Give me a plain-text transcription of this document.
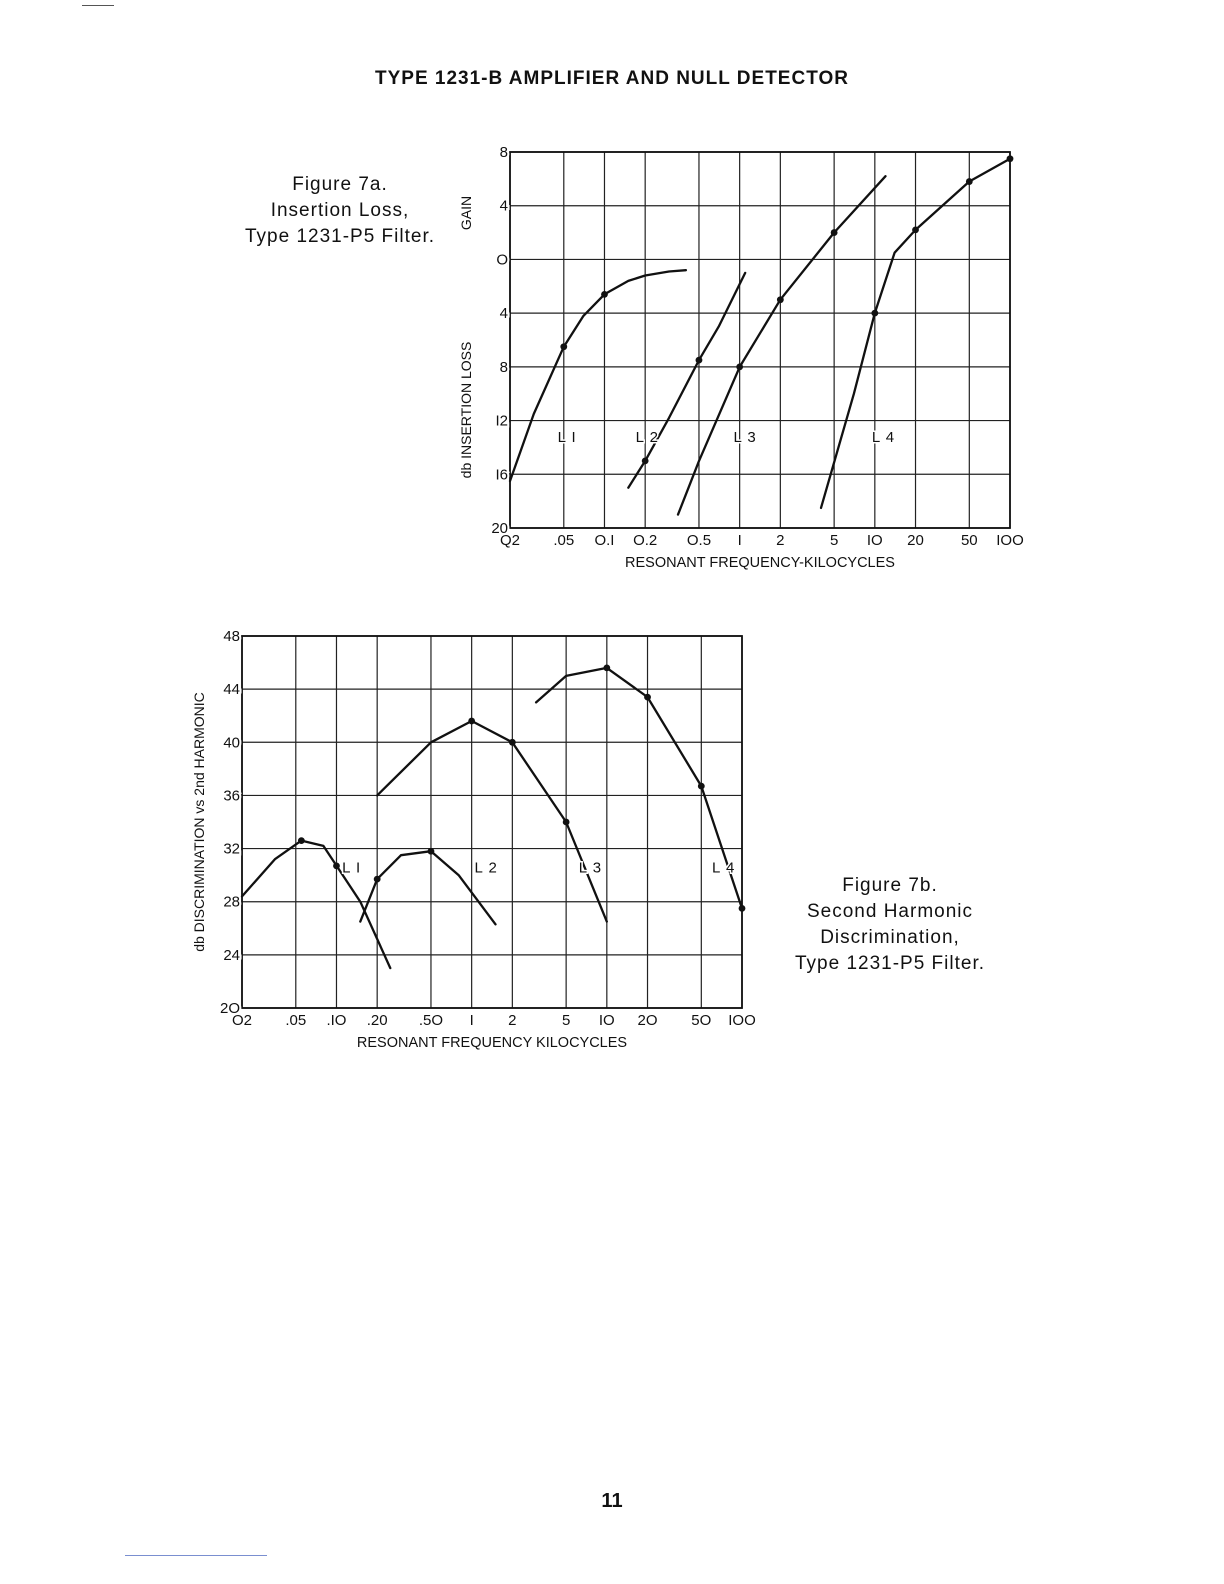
TYPE 1231-B AMPLIFIER AND NULL DETECTOR
Figure 7a.
Insertion Loss,
Type 1231-P5 Filter.
Q2 .05 O.I O.2 O.5 I 2	5 IO 20 50 IOO
8
4
O
4
8
I2
I6
20
RESONANT FREQUENCY-KILOCYCLES
L I	L 2	L 3	L 4
GAIN
db INSERTION LOSS
O2 .05 .IO .20 .5O I 2	5 IO 2O 5O IOO
48
44
40
36
32
28
24
2O
RESONANT FREQUENCY KILOCYCLES
L I	L 2	L 3	L 4
db DISCRIMINATION vs 2nd HARMONIC	Figure 7b.
Second Harmonic
Discrimination,
Type 1231-P5 Filter.
11
